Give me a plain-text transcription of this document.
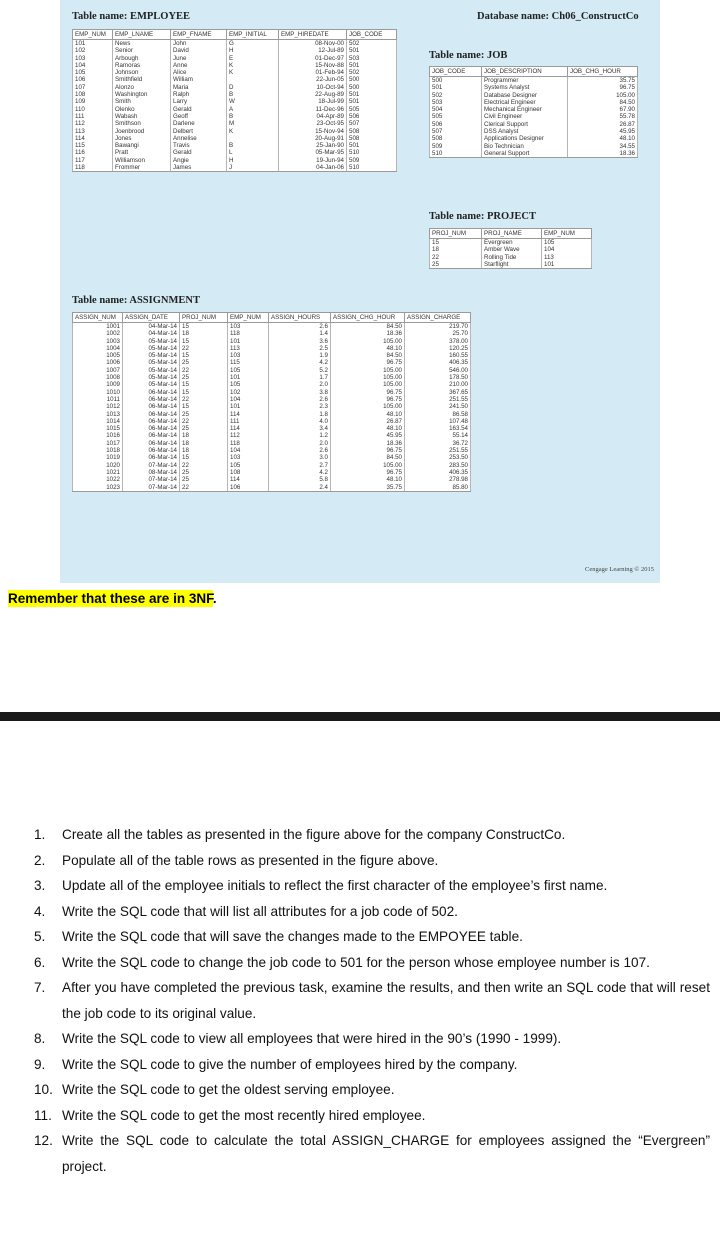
Table name: EMPLOYEE	Database name: Ch06_ConstructCo
EMP_NUM	EMP_LNAME	EMP_FNAME	EMP_INITIAL	EMP_HIREDATE	JOB_CODE
101	News	John	G	08-Nov-00	502
102	Senior	David	H	12-Jul-89	501
103	Arbough	June	E	01-Dec-97	503
104	Ramoras	Anne	K	15-Nov-88	501
105	Johnson	Alice	K	01-Feb-94	502
106	Smithfield	William		22-Jun-05	500
107	Alonzo	Maria	D	10-Oct-94	500
108	Washington	Ralph	B	22-Aug-89	501
109	Smith	Larry	W	18-Jul-99	501
110	Olenko	Gerald	A	11-Dec-96	505
111	Wabash	Geoff	B	04-Apr-89	506
112	Smithson	Darlene	M	23-Oct-95	507
113	Joenbrood	Delbert	K	15-Nov-94	508
114	Jones	Annelise		20-Aug-91	508
115	Bawangi	Travis	B	25-Jan-90	501
116	Pratt	Gerald	L	05-Mar-95	510
117	Williamson	Angie	H	19-Jun-94	509
118	Frommer	James	J	04-Jan-06	510
Table name: JOB
JOB_CODE	JOB_DESCRIPTION	JOB_CHG_HOUR
500	Programmer	35.75
501	Systems Analyst	96.75
502	Database Designer	105.00
503	Electrical Engineer	84.50
504	Mechanical Engineer	67.90
505	Civil Engineer	55.78
506	Clerical Support	26.87
507	DSS Analyst	45.95
508	Applications Designer	48.10
509	Bio Technician	34.55
510	General Support	18.36
Table name: PROJECT
PROJ_NUM	PROJ_NAME	EMP_NUM
15	Evergreen	105
18	Amber Wave	104
22	Rolling Tide	113
25	Starflight	101
Table name: ASSIGNMENT
ASSIGN_NUM	ASSIGN_DATE	PROJ_NUM	EMP_NUM	ASSIGN_HOURS	ASSIGN_CHG_HOUR	ASSIGN_CHARGE
1001	04-Mar-14	15	103	2.6	84.50	219.70
1002	04-Mar-14	18	118	1.4	18.36	25.70
1003	05-Mar-14	15	101	3.6	105.00	378.00
1004	05-Mar-14	22	113	2.5	48.10	120.25
1005	05-Mar-14	15	103	1.9	84.50	160.55
1006	05-Mar-14	25	115	4.2	96.75	406.35
1007	05-Mar-14	22	105	5.2	105.00	546.00
1008	05-Mar-14	25	101	1.7	105.00	178.50
1009	05-Mar-14	15	105	2.0	105.00	210.00
1010	06-Mar-14	15	102	3.8	96.75	367.65
1011	06-Mar-14	22	104	2.6	96.75	251.55
1012	06-Mar-14	15	101	2.3	105.00	241.50
1013	06-Mar-14	25	114	1.8	48.10	86.58
1014	06-Mar-14	22	111	4.0	26.87	107.48
1015	06-Mar-14	25	114	3.4	48.10	163.54
1016	06-Mar-14	18	112	1.2	45.95	55.14
1017	06-Mar-14	18	118	2.0	18.36	36.72
1018	06-Mar-14	18	104	2.6	96.75	251.55
1019	06-Mar-14	15	103	3.0	84.50	253.50
1020	07-Mar-14	22	105	2.7	105.00	283.50
1021	08-Mar-14	25	108	4.2	96.75	406.35
1022	07-Mar-14	25	114	5.8	48.10	278.98
1023	07-Mar-14	22	106	2.4	35.75	85.80
Cengage Learning © 2015
Remember that these are in 3NF.
1. Create all the tables as presented in the figure above for the company ConstructCo.
2. Populate all of the table rows as presented in the figure above.
3. Update all of the employee initials to reflect the first character of the employee’s first name.
4. Write the SQL code that will list all attributes for a job code of 502.
5. Write the SQL code that will save the changes made to the EMPOYEE table.
6. Write the SQL code to change the job code to 501 for the person whose employee number is 107.
7. After you have completed the previous task, examine the results, and then write an SQL code that will reset the job code to its original value.
8. Write the SQL code to view all employees that were hired in the 90’s (1990 - 1999).
9. Write the SQL code to give the number of employees hired by the company.
10. Write the SQL code to get the oldest serving employee.
11. Write the SQL code to get the most recently hired employee.
12. Write the SQL code to calculate the total ASSIGN_CHARGE for employees assigned the “Evergreen” project.
